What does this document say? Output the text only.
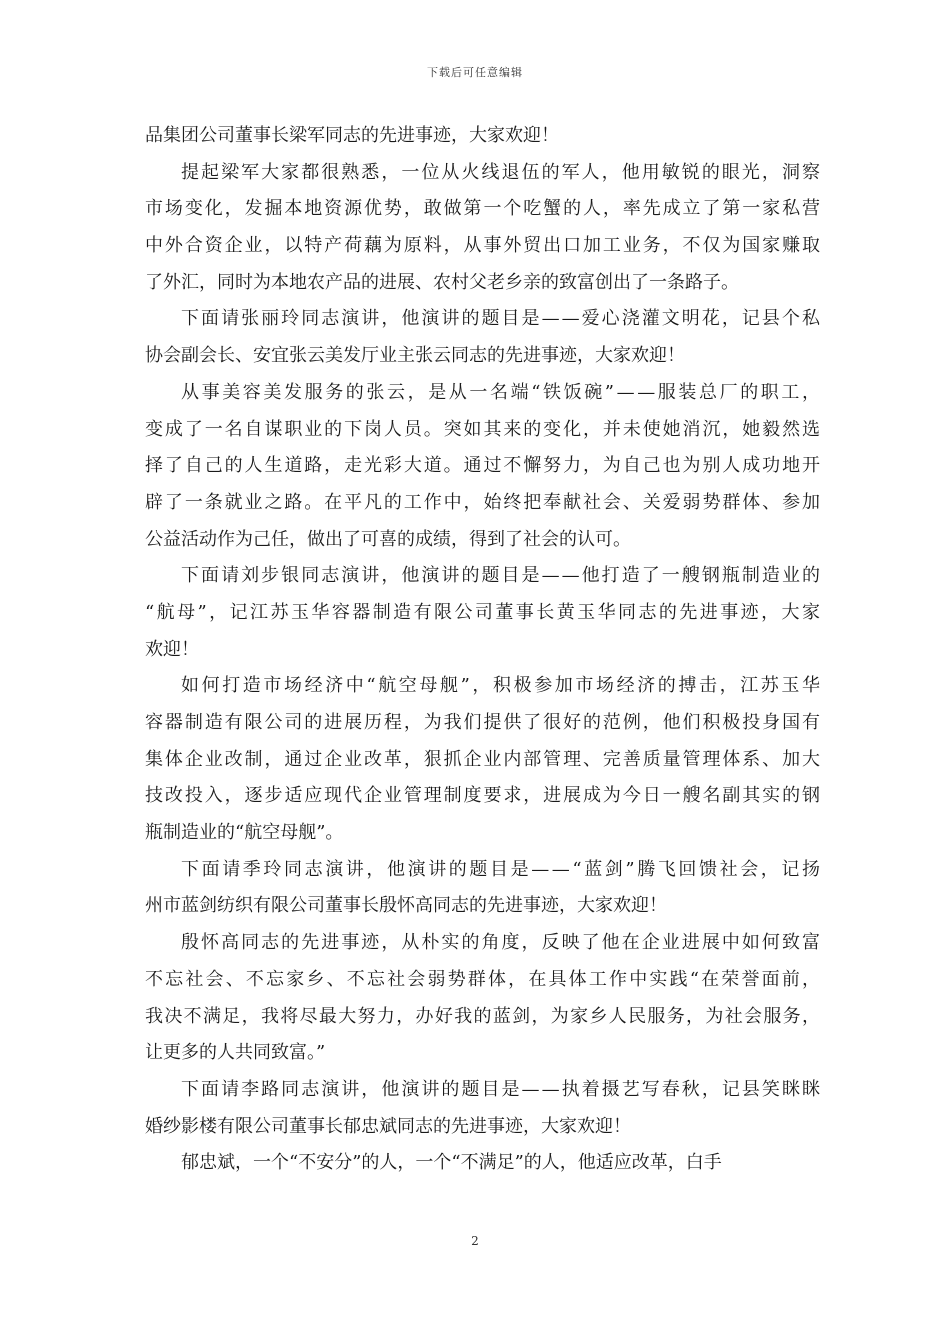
下载后可任意编辑
品集团公司董事长梁军同志的先进事迹，大家欢迎！
提起梁军大家都很熟悉，一位从火线退伍的军人，他用敏锐的眼光，洞察
市场变化，发掘本地资源优势，敢做第一个吃蟹的人，率先成立了第一家私营
中外合资企业，以特产荷藕为原料，从事外贸出口加工业务，不仅为国家赚取
了外汇，同时为本地农产品的进展、农村父老乡亲的致富创出了一条路子。
下面请张丽玲同志演讲，他演讲的题目是——爱心浇灌文明花，记县个私
协会副会长、安宜张云美发厅业主张云同志的先进事迹，大家欢迎！
从事美容美发服务的张云，是从一名端“铁饭碗”——服装总厂的职工，
变成了一名自谋职业的下岗人员。突如其来的变化，并未使她消沉，她毅然选
择了自己的人生道路，走光彩大道。通过不懈努力，为自己也为别人成功地开
辟了一条就业之路。在平凡的工作中，始终把奉献社会、关爱弱势群体、参加
公益活动作为己任，做出了可喜的成绩，得到了社会的认可。
下面请刘步银同志演讲，他演讲的题目是——他打造了一艘钢瓶制造业的
“航母”，记江苏玉华容器制造有限公司董事长黄玉华同志的先进事迹，大家
欢迎！
如何打造市场经济中“航空母舰”，积极参加市场经济的搏击，江苏玉华
容器制造有限公司的进展历程，为我们提供了很好的范例，他们积极投身国有
集体企业改制，通过企业改革，狠抓企业内部管理、完善质量管理体系、加大
技改投入，逐步适应现代企业管理制度要求，进展成为今日一艘名副其实的钢
瓶制造业的“航空母舰”。
下面请季玲同志演讲，他演讲的题目是——“蓝剑”腾飞回馈社会，记扬
州市蓝剑纺织有限公司董事长殷怀高同志的先进事迹，大家欢迎！
殷怀高同志的先进事迹，从朴实的角度，反映了他在企业进展中如何致富
不忘社会、不忘家乡、不忘社会弱势群体，在具体工作中实践“在荣誉面前，
我决不满足，我将尽最大努力，办好我的蓝剑，为家乡人民服务，为社会服务，
让更多的人共同致富。”
下面请李路同志演讲，他演讲的题目是——执着摄艺写春秋，记县笑眯眯
婚纱影楼有限公司董事长郁忠斌同志的先进事迹，大家欢迎！
郁忠斌，一个“不安分”的人，一个“不满足”的人，他适应改革，白手
2
